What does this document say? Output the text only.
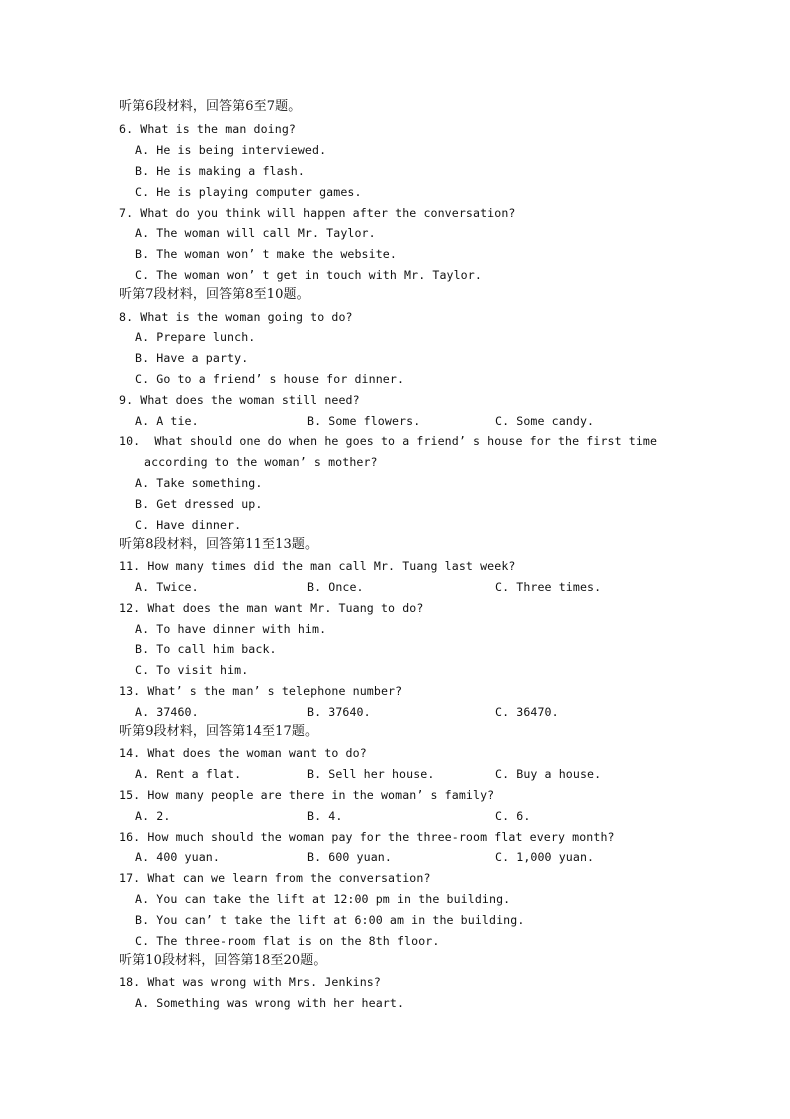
听第6段材料，回答第6至7题。
6. What is the man doing?
A. He is being interviewed.
B. He is making a flash.
C. He is playing computer games.
7. What do you think will happen after the conversation?
A. The woman will call Mr. Taylor.
B. The woman won’ t make the website.
C. The woman won’ t get in touch with Mr. Taylor.
听第7段材料，回答第8至10题。
8. What is the woman going to do?
A. Prepare lunch.
B. Have a party.
C. Go to a friend’ s house for dinner.
9. What does the woman still need?
A. A tie.	B. Some flowers.	C. Some candy.
10.  What should one do when he goes to a friend’ s house for the first time
according to the woman’ s mother?
A. Take something.
B. Get dressed up.
C. Have dinner.
听第8段材料，回答第11至13题。
11. How many times did the man call Mr. Tuang last week?
A. Twice.	B. Once.	C. Three times.
12. What does the man want Mr. Tuang to do?
A. To have dinner with him.
B. To call him back.
C. To visit him.
13. What’ s the man’ s telephone number?
A. 37460.	B. 37640.	C. 36470.
听第9段材料，回答第14至17题。
14. What does the woman want to do?
A. Rent a flat.	B. Sell her house.	C. Buy a house.
15. How many people are there in the woman’ s family?
A. 2.	B. 4.	C. 6.
16. How much should the woman pay for the three-room flat every month?
A. 400 yuan.	B. 600 yuan.	C. 1,000 yuan.
17. What can we learn from the conversation?
A. You can take the lift at 12:00 pm in the building.
B. You can’ t take the lift at 6:00 am in the building.
C. The three-room flat is on the 8th floor.
听第10段材料，回答第18至20题。
18. What was wrong with Mrs. Jenkins?
A. Something was wrong with her heart.
